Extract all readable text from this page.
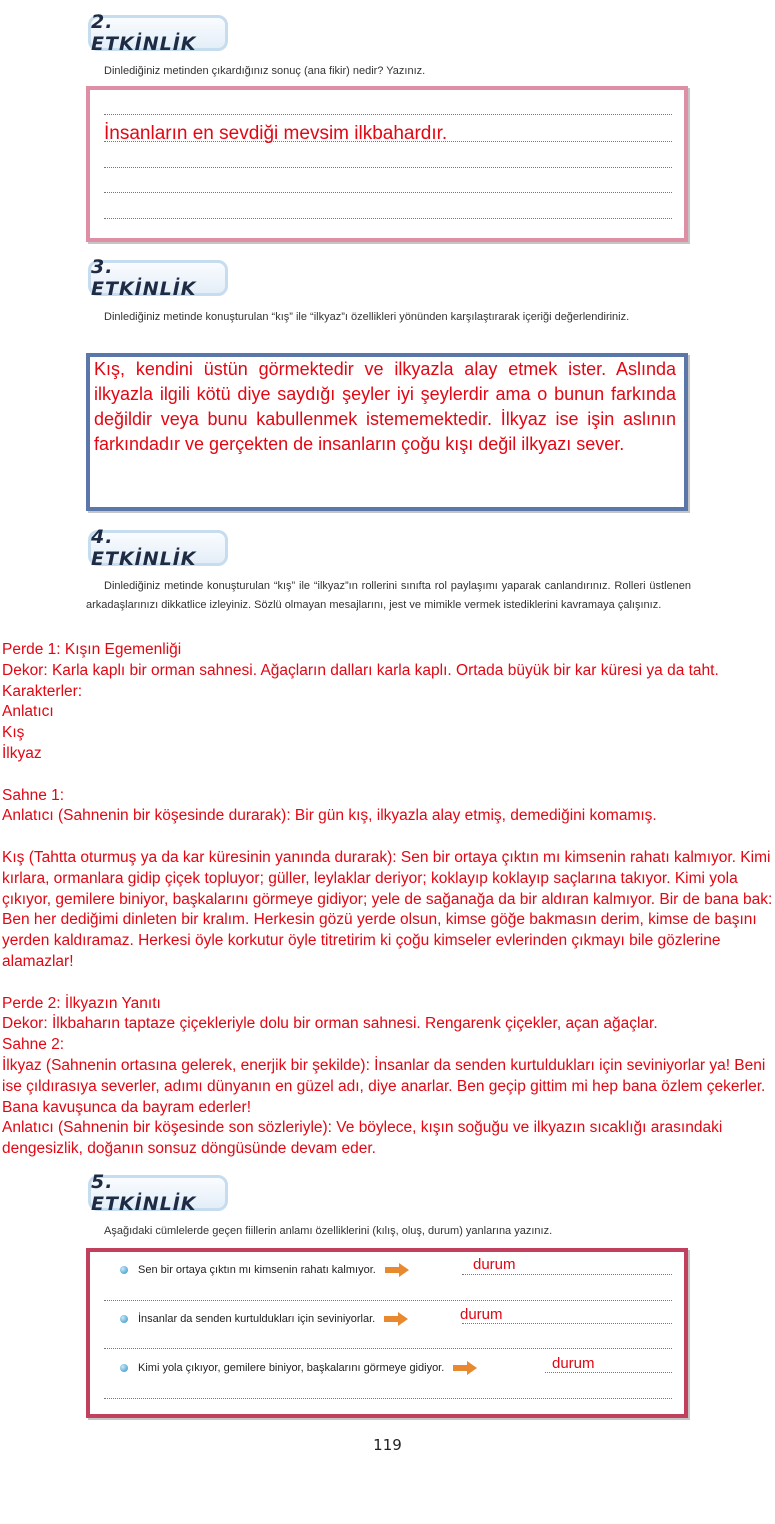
2. ETKİNLİK
Dinlediğiniz metinden çıkardığınız sonuç (ana fikir) nedir? Yazınız.
İnsanların en sevdiği mevsim ilkbahardır.
3. ETKİNLİK
Dinlediğiniz metinde konuşturulan “kış” ile “ilkyaz”ı özellikleri yönünden karşılaştırarak içeriği değerlendiriniz.
Kış, kendini üstün görmektedir ve ilkyazla alay etmek ister. Aslında ilkyazla ilgili kötü diye saydığı şeyler iyi şeylerdir ama o bunun farkında değildir veya bunu kabullenmek istememektedir. İlkyaz ise işin aslının farkındadır ve gerçekten de insanların çoğu kışı değil ilkyazı sever.
4. ETKİNLİK
Dinlediğiniz metinde konuşturulan “kış” ile “ilkyaz”ın rollerini sınıfta rol paylaşımı yaparak canlandırınız. Rolleri üstlenen arkadaşlarınızı dikkatlice izleyiniz. Sözlü olmayan mesajlarını, jest ve mimikle vermek istediklerini kavramaya çalışınız.
Perde 1: Kışın Egemenliği
Dekor: Karla kaplı bir orman sahnesi. Ağaçların dalları karla kaplı. Ortada büyük bir kar küresi ya da taht.
Karakterler:
Anlatıcı
Kış
İlkyaz
Sahne 1:
Anlatıcı (Sahnenin bir köşesinde durarak): Bir gün kış, ilkyazla alay etmiş, demediğini komamış.
Kış (Tahtta oturmuş ya da kar küresinin yanında durarak): Sen bir ortaya çıktın mı kimsenin rahatı kalmıyor. Kimi kırlara, ormanlara gidip çiçek topluyor; güller, leylaklar deriyor; koklayıp koklayıp saçlarına takıyor. Kimi yola çıkıyor, gemilere biniyor, başkalarını görmeye gidiyor; yele de sağanağa da bir aldıran kalmıyor. Bir de bana bak: Ben her dediğimi dinleten bir kralım. Herkesin gözü yerde olsun, kimse göğe bakmasın derim, kimse de başını yerden kaldıramaz. Herkesi öyle korkutur öyle titretirim ki çoğu kimseler evlerinden çıkmayı bile gözlerine alamazlar!
Perde 2: İlkyazın Yanıtı
Dekor: İlkbaharın taptaze çiçekleriyle dolu bir orman sahnesi. Rengarenk çiçekler, açan ağaçlar.
Sahne 2:
İlkyaz (Sahnenin ortasına gelerek, enerjik bir şekilde): İnsanlar da senden kurtuldukları için seviniyorlar ya! Beni ise çıldırasıya severler, adımı dünyanın en güzel adı, diye anarlar. Ben geçip gittim mi hep bana özlem çekerler. Bana kavuşunca da bayram ederler!
Anlatıcı (Sahnenin bir köşesinde son sözleriyle): Ve böylece, kışın soğuğu ve ilkyazın sıcaklığı arasındaki dengesizlik, doğanın sonsuz döngüsünde devam eder.
5. ETKİNLİK
Aşağıdaki cümlelerde geçen fiillerin anlamı özelliklerini (kılış, oluş, durum) yanlarına yazınız.
Sen bir ortaya çıktın mı kimsenin rahatı kalmıyor.	durum
İnsanlar da senden kurtuldukları için seviniyorlar.	durum
Kimi yola çıkıyor, gemilere biniyor, başkalarını görmeye gidiyor.	durum
119
